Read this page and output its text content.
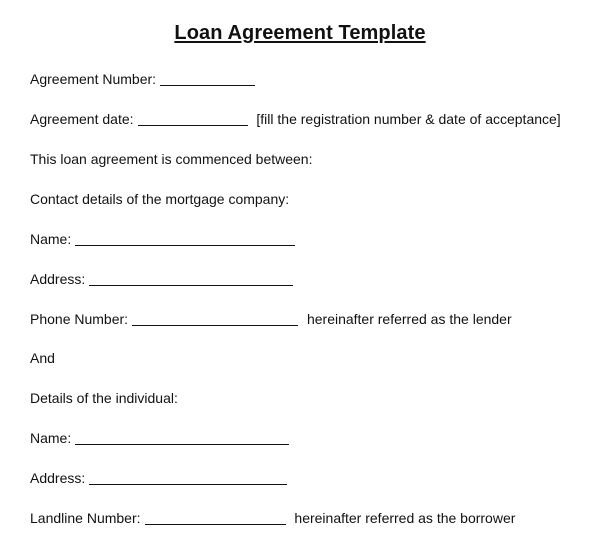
Loan Agreement Template
Agreement Number:
Agreement date:	[fill the registration number & date of acceptance]
This loan agreement is commenced between:
Contact details of the mortgage company:
Name:
Address:
Phone Number:	hereinafter referred as the lender
And
Details of the individual:
Name:
Address:
Landline Number:	hereinafter referred as the borrower
